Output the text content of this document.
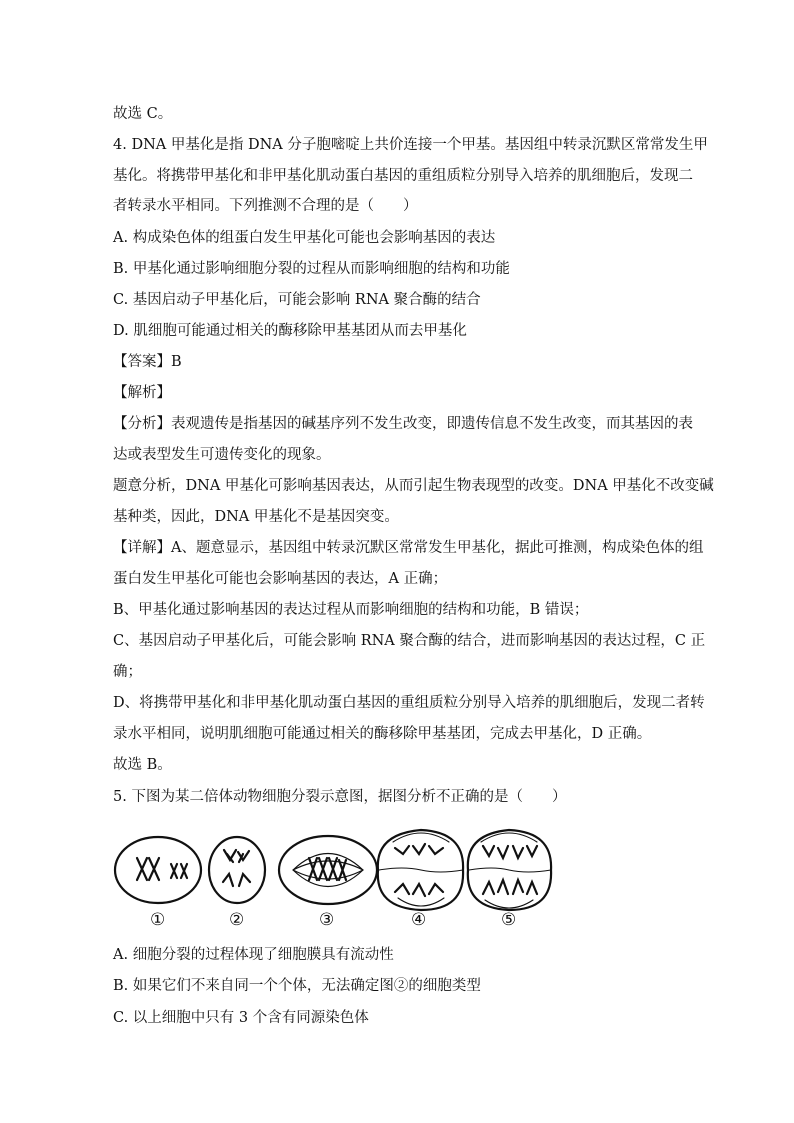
故选 C。
4. DNA 甲基化是指 DNA 分子胞嘧啶上共价连接一个甲基。基因组中转录沉默区常常发生甲
基化。将携带甲基化和非甲基化肌动蛋白基因的重组质粒分别导入培养的肌细胞后，发现二
者转录水平相同。下列推测不合理的是（　　）
A. 构成染色体的组蛋白发生甲基化可能也会影响基因的表达
B. 甲基化通过影响细胞分裂的过程从而影响细胞的结构和功能
C. 基因启动子甲基化后，可能会影响 RNA 聚合酶的结合
D. 肌细胞可能通过相关的酶移除甲基基团从而去甲基化
【答案】B
【解析】
【分析】表观遗传是指基因的碱基序列不发生改变，即遗传信息不发生改变，而其基因的表
达或表型发生可遗传变化的现象。
题意分析，DNA 甲基化可影响基因表达，从而引起生物表现型的改变。DNA 甲基化不改变碱
基种类，因此，DNA 甲基化不是基因突变。
【详解】A、题意显示，基因组中转录沉默区常常发生甲基化，据此可推测，构成染色体的组
蛋白发生甲基化可能也会影响基因的表达，A 正确；
B、甲基化通过影响基因的表达过程从而影响细胞的结构和功能，B 错误；
C、基因启动子甲基化后，可能会影响 RNA 聚合酶的结合，进而影响基因的表达过程，C 正
确；
D、将携带甲基化和非甲基化肌动蛋白基因的重组质粒分别导入培养的肌细胞后，发现二者转
录水平相同，说明肌细胞可能通过相关的酶移除甲基基团，完成去甲基化，D 正确。
故选 B。
5. 下图为某二倍体动物细胞分裂示意图，据图分析不正确的是（　　）
①	②	③	④	⑤
A. 细胞分裂的过程体现了细胞膜具有流动性
B. 如果它们不来自同一个个体，无法确定图②的细胞类型
C. 以上细胞中只有 3 个含有同源染色体
